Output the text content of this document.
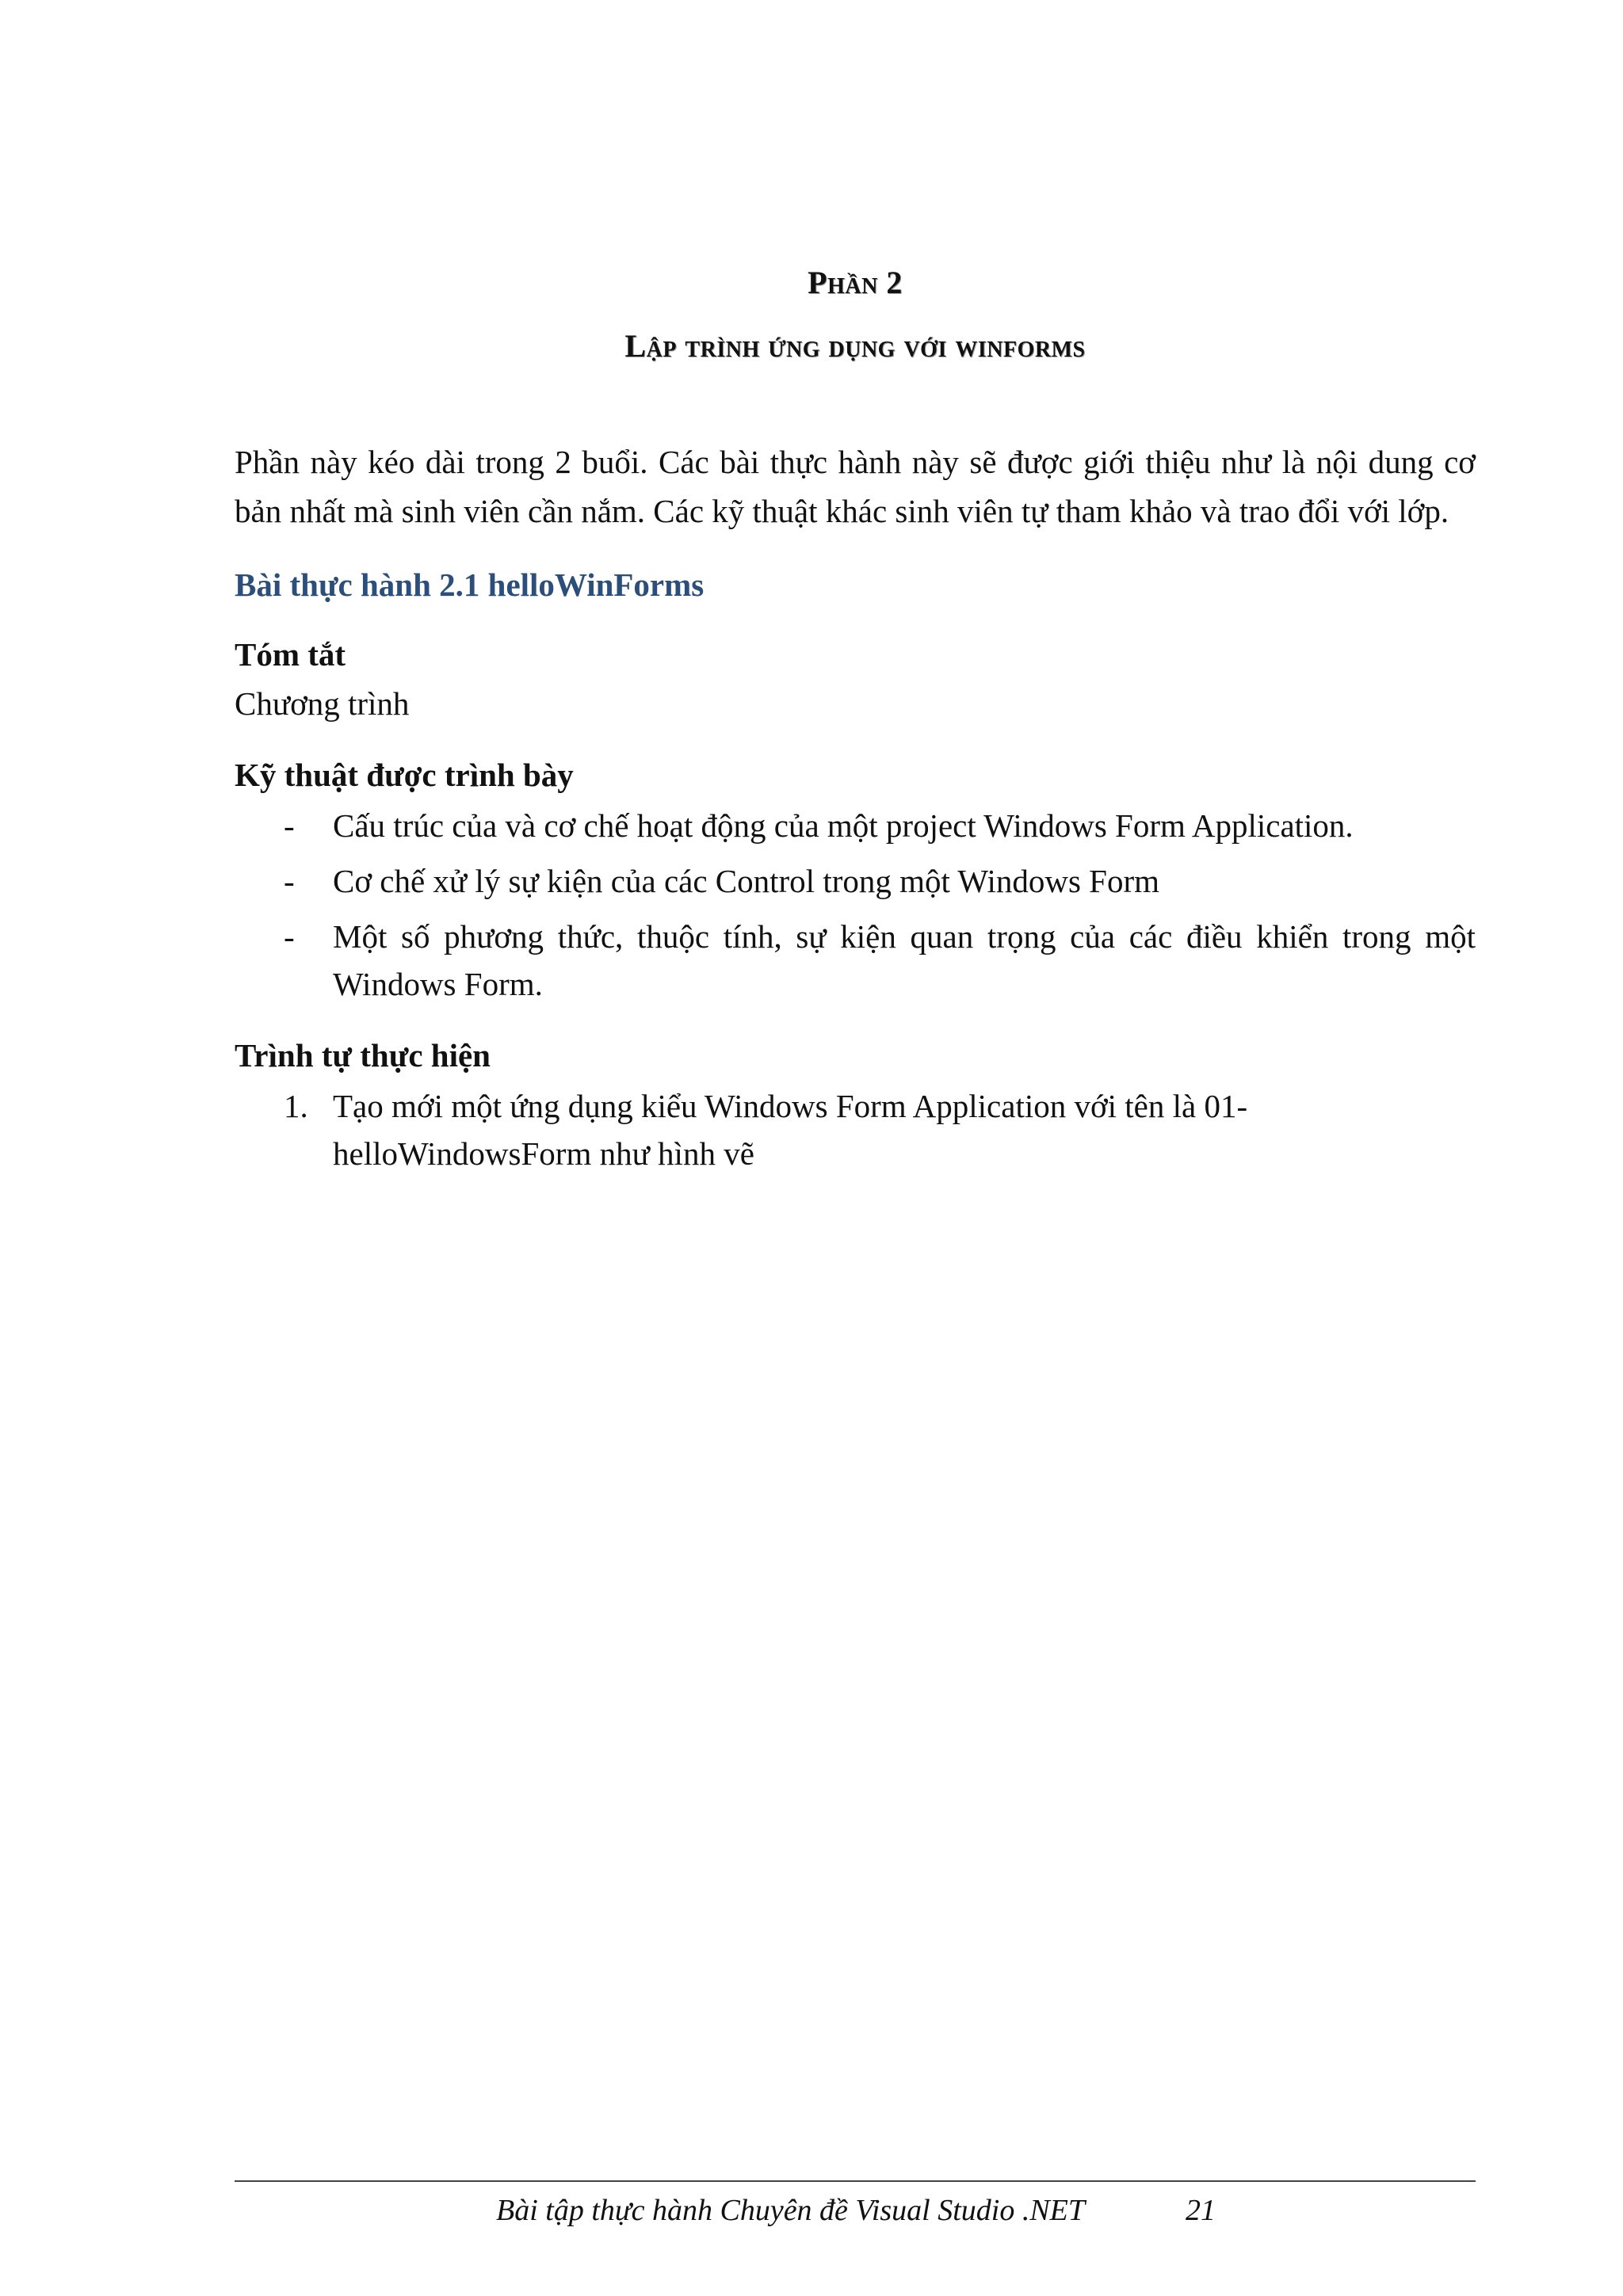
Phần 2
Lập trình ứng dụng với winforms

Phần này kéo dài trong 2 buổi. Các bài thực hành này sẽ được giới thiệu như là nội dung cơ bản nhất mà sinh viên cần nắm. Các kỹ thuật khác sinh viên tự tham khảo và trao đổi với lớp.

Bài thực hành 2.1 helloWinForms
Tóm tắt
Chương trình
Kỹ thuật được trình bày
- Cấu trúc của và cơ chế hoạt động của một project Windows Form Application.
- Cơ chế xử lý sự kiện của các Control trong một Windows Form
- Một số phương thức, thuộc tính, sự kiện quan trọng của các điều khiển trong một Windows Form.
Trình tự thực hiện
1. Tạo mới một ứng dụng kiểu Windows Form Application với tên là 01-helloWindowsForm như hình vẽ
Bài tập thực hành Chuyên đề Visual Studio .NET	21
